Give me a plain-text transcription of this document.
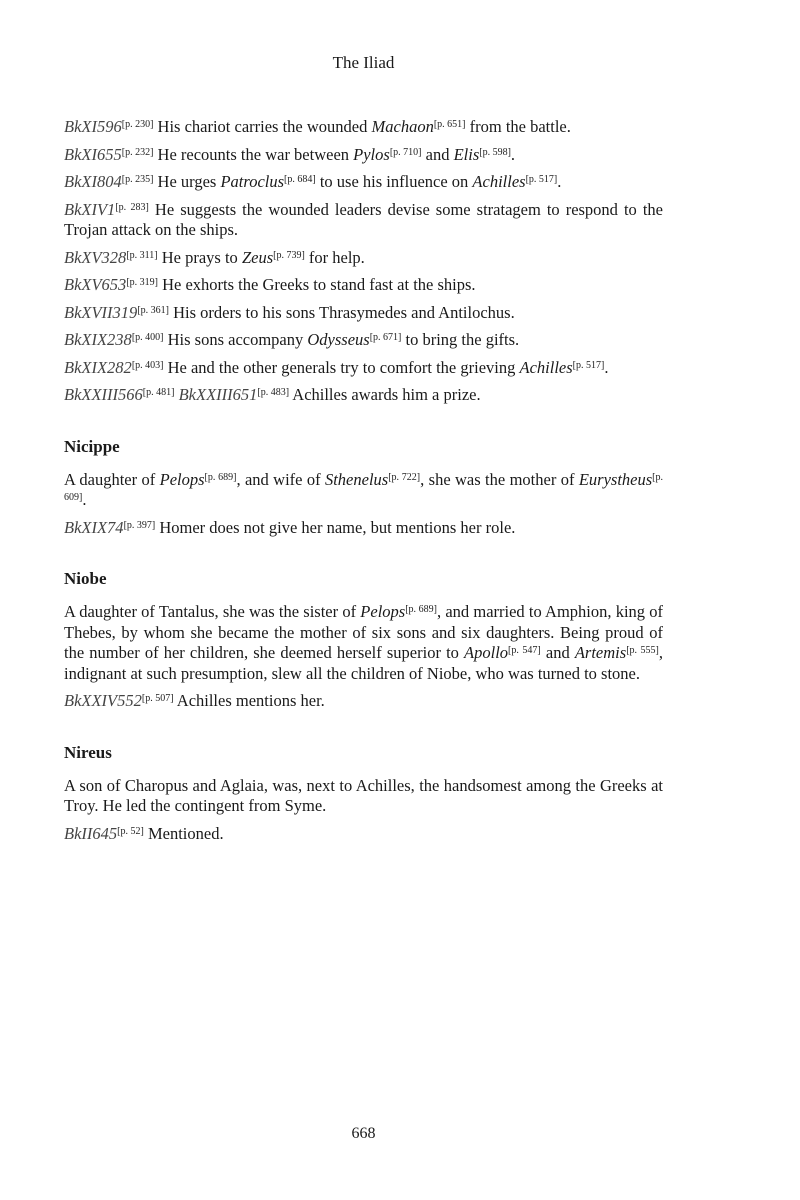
The Iliad

BkXI596[p. 230] His chariot carries the wounded Machaon[p. 651] from the battle.

BkXI655[p. 232] He recounts the war between Pylos[p. 710] and Elis[p. 598].

BkXI804[p. 235] He urges Patroclus[p. 684] to use his influence on Achilles[p. 517].

BkXIV1[p. 283] He suggests the wounded leaders devise some stratagem to respond to the Trojan attack on the ships.

BkXV328[p. 311] He prays to Zeus[p. 739] for help.

BkXV653[p. 319] He exhorts the Greeks to stand fast at the ships.

BkXVII319[p. 361] His orders to his sons Thrasymedes and Antilochus.

BkXIX238[p. 400] His sons accompany Odysseus[p. 671] to bring the gifts.

BkXIX282[p. 403] He and the other generals try to comfort the grieving Achilles[p. 517].

BkXXIII566[p. 481] BkXXIII651[p. 483] Achilles awards him a prize.

Nicippe

A daughter of Pelops[p. 689], and wife of Sthenelus[p. 722], she was the mother of Eurystheus[p. 609].

BkXIX74[p. 397] Homer does not give her name, but mentions her role.

Niobe

A daughter of Tantalus, she was the sister of Pelops[p. 689], and married to Amphion, king of Thebes, by whom she became the mother of six sons and six daughters. Being proud of the number of her children, she deemed herself superior to Apollo[p. 547] and Artemis[p. 555], indignant at such presumption, slew all the children of Niobe, who was turned to stone.

BkXXIV552[p. 507] Achilles mentions her.

Nireus

A son of Charopus and Aglaia, was, next to Achilles, the handsomest among the Greeks at Troy. He led the contingent from Syme.

BkII645[p. 52] Mentioned.

668
